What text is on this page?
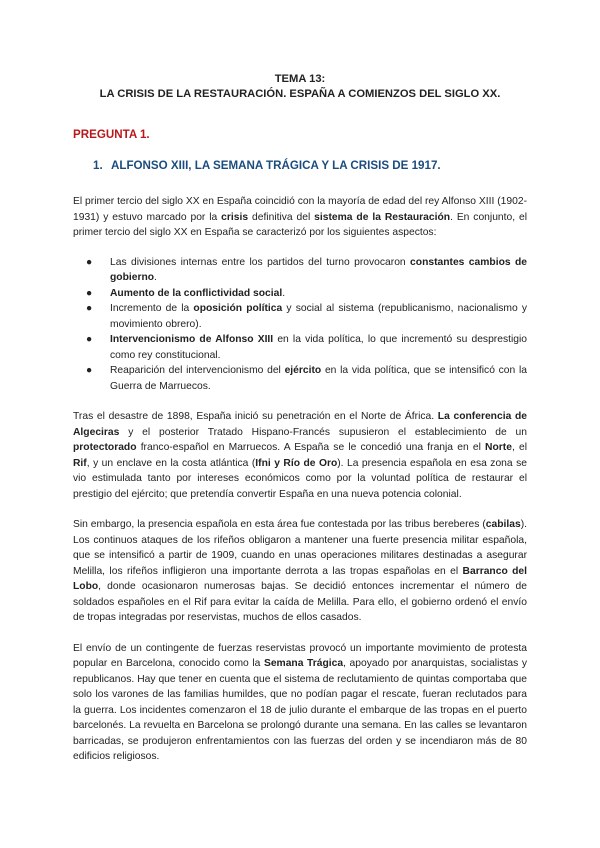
TEMA 13:
LA CRISIS DE LA RESTAURACIÓN. ESPAÑA A COMIENZOS DEL SIGLO XX.
PREGUNTA 1.
1. ALFONSO XIII, LA SEMANA TRÁGICA Y LA CRISIS DE 1917.

El primer tercio del siglo XX en España coincidió con la mayoría de edad del rey Alfonso XIII (1902-1931) y estuvo marcado por la crisis definitiva del sistema de la Restauración. En conjunto, el primer tercio del siglo XX en España se caracterizó por los siguientes aspectos:

● Las divisiones internas entre los partidos del turno provocaron constantes cambios de gobierno.
● Aumento de la conflictividad social.
● Incremento de la oposición política y social al sistema (republicanismo, nacionalismo y movimiento obrero).
● Intervencionismo de Alfonso XIII en la vida política, lo que incrementó su desprestigio como rey constitucional.
● Reaparición del intervencionismo del ejército en la vida política, que se intensificó con la Guerra de Marruecos.

Tras el desastre de 1898, España inició su penetración en el Norte de África. La conferencia de Algeciras y el posterior Tratado Hispano-Francés supusieron el establecimiento de un protectorado franco-español en Marruecos. A España se le concedió una franja en el Norte, el Rif, y un enclave en la costa atlántica (Ifni y Río de Oro). La presencia española en esa zona se vio estimulada tanto por intereses económicos como por la voluntad política de restaurar el prestigio del ejército; que pretendía convertir España en una nueva potencia colonial.

Sin embargo, la presencia española en esta área fue contestada por las tribus bereberes (cabilas). Los continuos ataques de los rifeños obligaron a mantener una fuerte presencia militar española, que se intensificó a partir de 1909, cuando en unas operaciones militares destinadas a asegurar Melilla, los rifeños infligieron una importante derrota a las tropas españolas en el Barranco del Lobo, donde ocasionaron numerosas bajas. Se decidió entonces incrementar el número de soldados españoles en el Rif para evitar la caída de Melilla. Para ello, el gobierno ordenó el envío de tropas integradas por reservistas, muchos de ellos casados.

El envío de un contingente de fuerzas reservistas provocó un importante movimiento de protesta popular en Barcelona, conocido como la Semana Trágica, apoyado por anarquistas, socialistas y republicanos. Hay que tener en cuenta que el sistema de reclutamiento de quintas comportaba que solo los varones de las familias humildes, que no podían pagar el rescate, fueran reclutados para la guerra. Los incidentes comenzaron el 18 de julio durante el embarque de las tropas en el puerto barcelonés. La revuelta en Barcelona se prolongó durante una semana. En las calles se levantaron barricadas, se produjeron enfrentamientos con las fuerzas del orden y se incendiaron más de 80 edificios religiosos.
